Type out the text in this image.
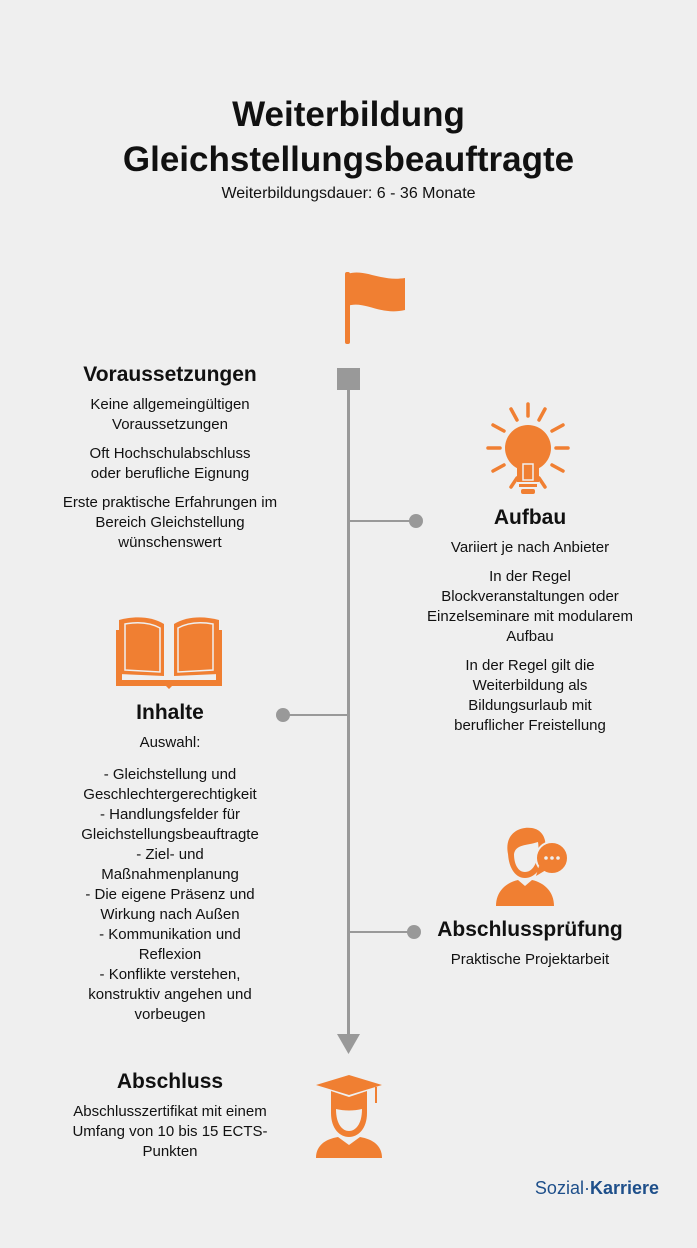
Weiterbildung
Gleichstellungsbeauftragte
Weiterbildungsdauer: 6 - 36 Monate
Voraussetzungen

Keine allgemeingültigen Voraussetzungen

Oft Hochschulabschluss oder berufliche Eignung

Erste praktische Erfahrungen im Bereich Gleichstellung wünschenswert

Aufbau

Variiert je nach Anbieter

In der Regel Blockveranstaltungen oder Einzelseminare mit modularem Aufbau

In der Regel gilt die Weiterbildung als Bildungsurlaub mit beruflicher Freistellung

Inhalte

Auswahl:

- Gleichstellung und Geschlechtergerechtigkeit
- Handlungsfelder für Gleichstellungsbeauftragte
- Ziel- und Maßnahmenplanung
- Die eigene Präsenz und Wirkung nach Außen
- Kommunikation und Reflexion
- Konflikte verstehen, konstruktiv angehen und vorbeugen
Abschlussprüfung

Praktische Projektarbeit

Abschluss

Abschlusszertifikat mit einem Umfang von 10 bis 15 ECTS-Punkten

Sozial·Karriere
